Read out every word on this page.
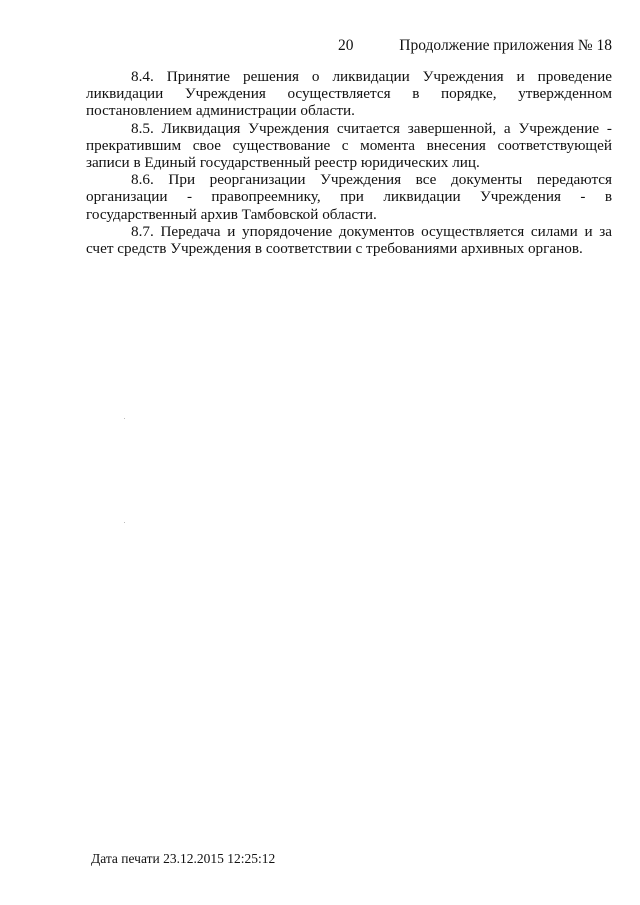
20	Продолжение приложения № 18

8.4. Принятие решения о ликвидации Учреждения и проведение ликвидации Учреждения осуществляется в порядке, утвержденном постановлением администрации области.

8.5. Ликвидация Учреждения считается завершенной, а Учреждение - прекратившим свое существование с момента внесения соответствующей записи в Единый государственный реестр юридических лиц.

8.6. При реорганизации Учреждения все документы передаются организации - правопреемнику, при ликвидации Учреждения - в государственный архив Тамбовской области.

8.7. Передача и упорядочение документов осуществляется силами и за счет средств Учреждения в соответствии с требованиями архивных органов.

Дата печати 23.12.2015 12:25:12
